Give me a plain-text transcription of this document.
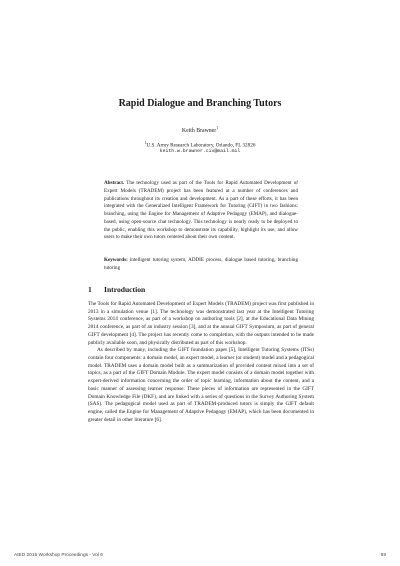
Rapid Dialogue and Branching Tutors
Keith Brawner$^1$
$^1$U.S. Army Research Laboratory, Orlando, FL 32826
keith.w.brawner.civ@mail.mil
Abstract. The technology used as part of the Tools for Rapid Automated Development of Expert Models (TRADEM) project has been featured at a number of conferences and publications throughout its creation and development. As a part of these efforts, it has been integrated with the Generalized Intelligent Framework for Tutoring (GIFT) in two fashions: branching, using the Engine for Management of Adaptive Pedagogy (EMAP), and dialogue-based, using open-source chat technology. This technology is nearly ready to be deployed to the public, enabling this workshop to demonstrate its capability, highlight its use, and allow users to make their own tutors centered about their own content.
Keywords: intelligent tutoring system, ADDIE process, dialogue based tutoring, branching tutoring
1 Introduction

The Tools for Rapid Automated Development of Expert Models (TRADEM) project was first published in 2013 in a simulation venue [1]. The technology was demonstrated last year at the Intelligent Tutoring Systems 2014 conference, as part of a workshop on authoring tools [2], at the Educational Data Mining 2014 conference, as part of an industry session [3], and at the annual GIFT Symposium, as part of general GIFT development [4]. The project has recently come to completion, with the outputs intended to be made publicly available soon, and physically distributed as part of this workshop.

As described by many, including the GIFT foundation paper [5], Intelligent Tutoring Systems (ITSs) contain four components: a domain model, an expert model, a learner (or student) model and a pedagogical model. TRADEM uses a domain model built as a summarization of provided content mixed into a set of topics, as a part of the GIFT Domain Module. The expert model consists of a domain model together with expert-derived information concerning the order of topic learning, information about the content, and a basic manner of assessing learner response. These pieces of information are represented in the GIFT Domain Knowledge File (DKF), and are linked with a series of questions in the Survey Authoring System (SAS). The pedagogical model used as part of TRADEM-produced tutors is simply the GIFT default engine, called the Engine for Management of Adaptive Pedagogy (EMAP), which has been documented in greater detail in other literature [6].

AIED 2015 Workshop Proceedings - Vol 6	69
